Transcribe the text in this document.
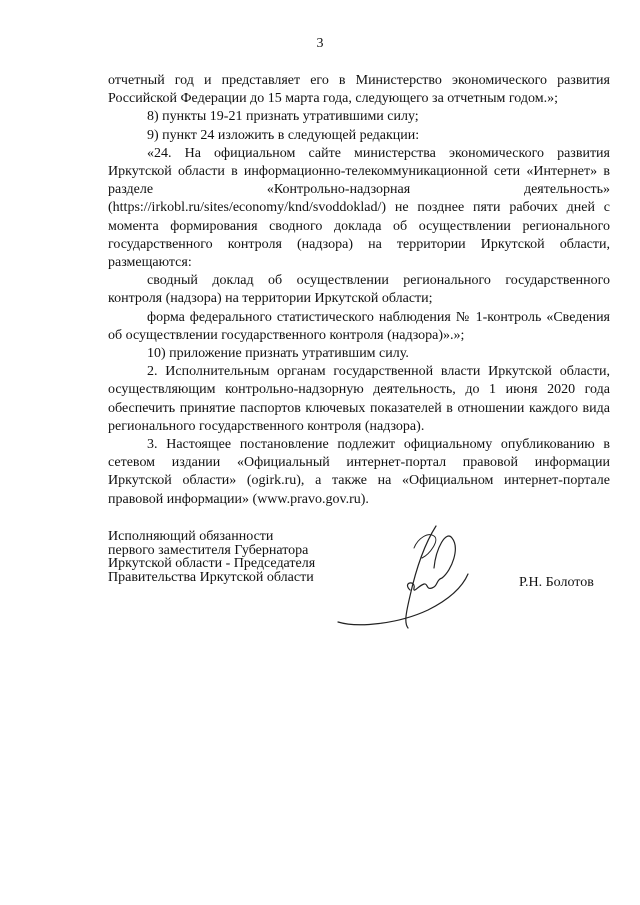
3

отчетный год и представляет его в Министерство экономического развития Российской Федерации до 15 марта года, следующего за отчетным годом.»;

8) пункты 19-21 признать утратившими силу;

9) пункт 24 изложить в следующей редакции:

«24. На официальном сайте министерства экономического развития Иркутской области в информационно-телекоммуникационной сети «Интернет» в разделе «Контрольно-надзорная деятельность» (https://irkobl.ru/sites/economy/knd/svoddoklad/) не позднее пяти рабочих дней с момента формирования сводного доклада об осуществлении регионального государственного контроля (надзора) на территории Иркутской области, размещаются:

сводный доклад об осуществлении регионального государственного контроля (надзора) на территории Иркутской области;

форма федерального статистического наблюдения № 1-контроль «Сведения об осуществлении государственного контроля (надзора)».»;

10) приложение признать утратившим силу.

2. Исполнительным органам государственной власти Иркутской области, осуществляющим контрольно-надзорную деятельность, до 1 июня 2020 года обеспечить принятие паспортов ключевых показателей в отношении каждого вида регионального государственного контроля (надзора).

3. Настоящее постановление подлежит официальному опубликованию в сетевом издании «Официальный интернет-портал правовой информации Иркутской области» (ogirk.ru), а также на «Официальном интернет-портале правовой информации» (www.pravo.gov.ru).

Исполняющий обязанности
первого заместителя Губернатора
Иркутской области - Председателя
Правительства Иркутской области	Р.Н. Болотов
